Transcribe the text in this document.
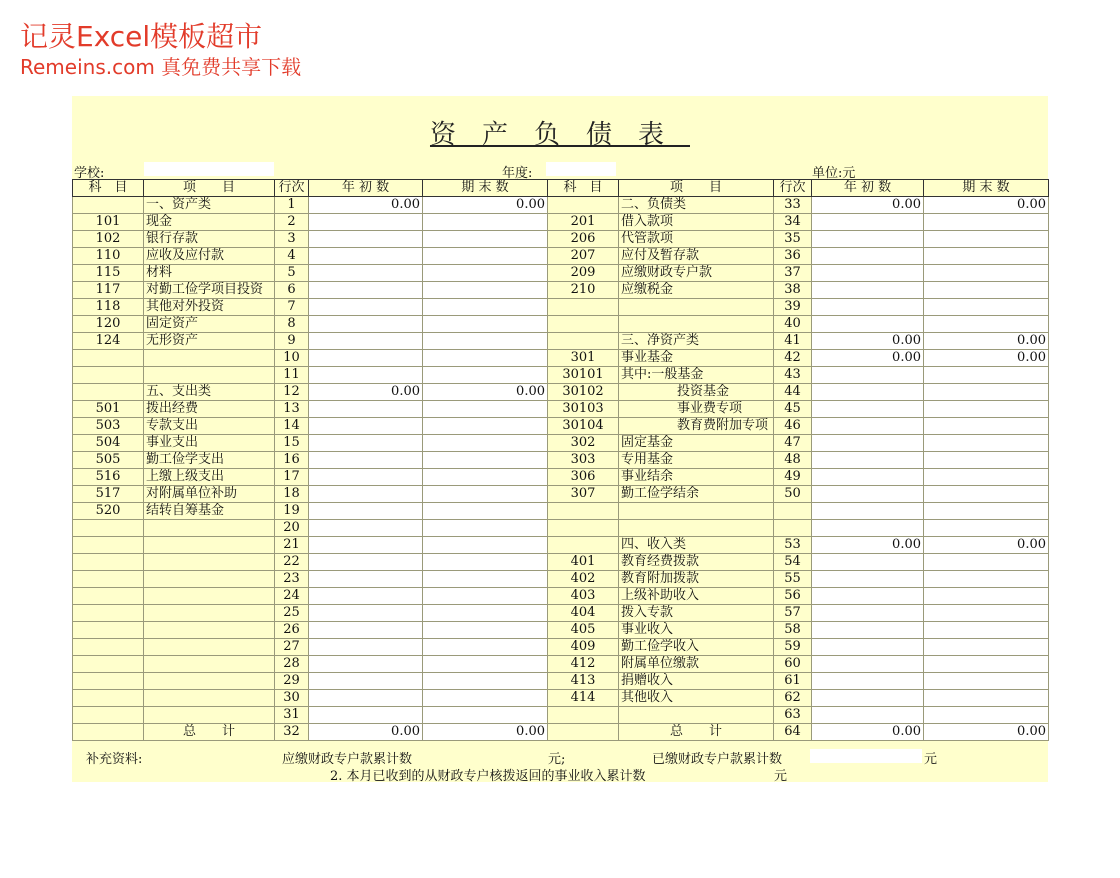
记灵Excel模板超市
Remeins.com 真免费共享下载
资产负债表
学校:	年度:	单位:元
科　目	项　　目	行次	年 初 数	期 末 数	科　目	项　　目	行次	年 初 数	期 末 数
	一、资产类	1	0.00	0.00		二、负债类	33	0.00	0.00
101	现金	2			201	借入款项	34		
102	银行存款	3			206	代管款项	35		
110	应收及应付款	4			207	应付及暂存款	36		
115	材料	5			209	应缴财政专户款	37		
117	对勤工俭学项目投资	6			210	应缴税金	38		
118	其他对外投资	7					39		
120	固定资产	8					40		
124	无形资产	9				三、净资产类	41	0.00	0.00
		10			301	事业基金	42	0.00	0.00
		11			30101	其中:一般基金	43		
	五、支出类	12	0.00	0.00	30102	投资基金	44		
501	拨出经费	13			30103	事业费专项	45		
503	专款支出	14			30104	教育费附加专项	46		
504	事业支出	15			302	固定基金	47		
505	勤工俭学支出	16			303	专用基金	48		
516	上缴上级支出	17			306	事业结余	49		
517	对附属单位补助	18			307	勤工俭学结余	50		
520	结转自筹基金	19							
		20							
		21				四、收入类	53	0.00	0.00
		22			401	教育经费拨款	54		
		23			402	教育附加拨款	55		
		24			403	上级补助收入	56		
		25			404	拨入专款	57		
		26			405	事业收入	58		
		27			409	勤工俭学收入	59		
		28			412	附属单位缴款	60		
		29			413	捐赠收入	61		
		30			414	其他收入	62		
		31					63		
	总　　计	32	0.00	0.00		总　　计	64	0.00	0.00
补充资料:	应缴财政专户款累计数	元;	已缴财政专户款累计数	元
2. 本月已收到的从财政专户核拨返回的事业收入累计数	元
